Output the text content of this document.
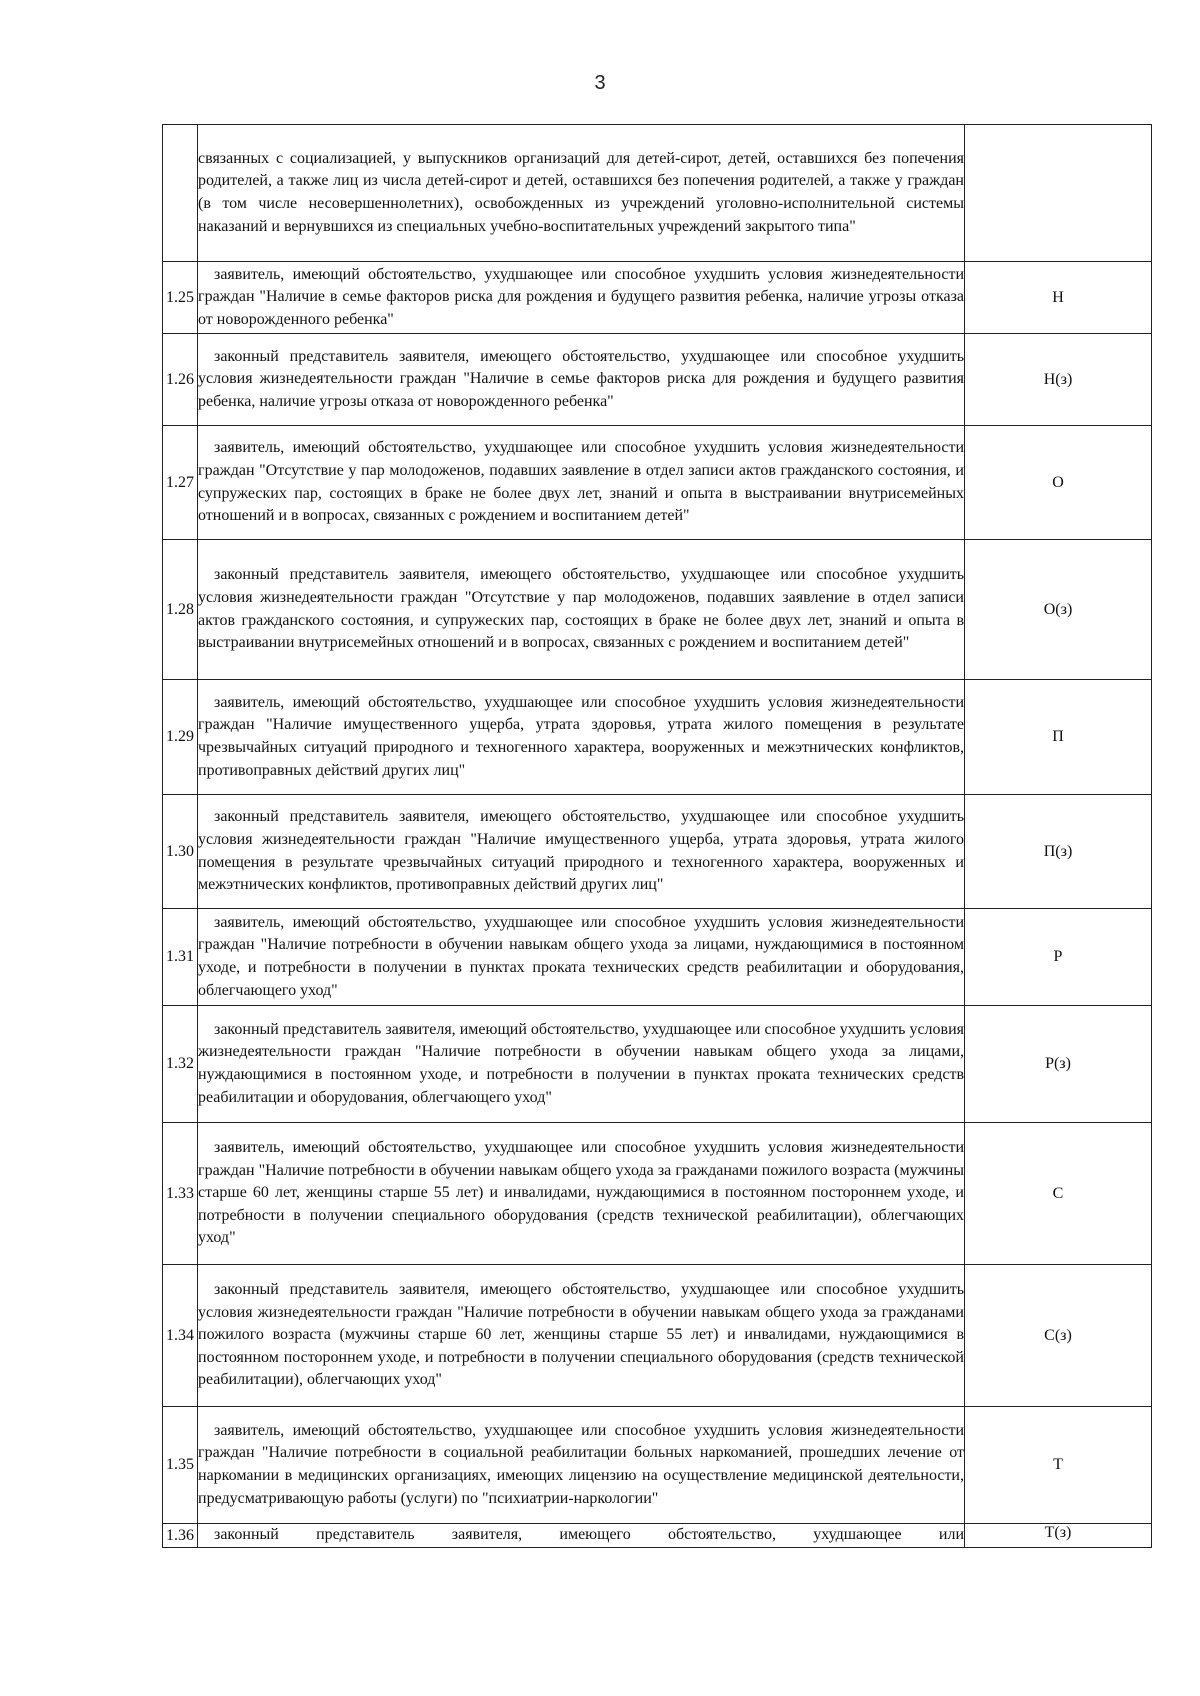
3
	связанных с социализацией, у выпускников организаций для детей-сирот, детей, оставшихся без попечения родителей, а также лиц из числа детей-сирот и детей, оставшихся без попечения родителей, а также у граждан (в том числе несовершеннолетних), освобожденных из учреждений уголовно-исполнительной системы наказаний и вернувшихся из специальных учебно-воспитательных учреждений закрытого типа"	
1.25	заявитель, имеющий обстоятельство, ухудшающее или способное ухудшить условия жизнедеятельности граждан "Наличие в семье факторов риска для рождения и будущего развития ребенка, наличие угрозы отказа от новорожденного ребенка"	Н
1.26	законный представитель заявителя, имеющего обстоятельство, ухудшающее или способное ухудшить условия жизнедеятельности граждан "Наличие в семье факторов риска для рождения и будущего развития ребенка, наличие угрозы отказа от новорожденного ребенка"	Н(з)
1.27	заявитель, имеющий обстоятельство, ухудшающее или способное ухудшить условия жизнедеятельности граждан "Отсутствие у пар молодоженов, подавших заявление в отдел записи актов гражданского состояния, и супружеских пар, состоящих в браке не более двух лет, знаний и опыта в выстраивании внутрисемейных отношений и в вопросах, связанных с рождением и воспитанием детей"	О
1.28	законный представитель заявителя, имеющего обстоятельство, ухудшающее или способное ухудшить условия жизнедеятельности граждан "Отсутствие у пар молодоженов, подавших заявление в отдел записи актов гражданского состояния, и супружеских пар, состоящих в браке не более двух лет, знаний и опыта в выстраивании внутрисемейных отношений и в вопросах, связанных с рождением и воспитанием детей"	О(з)
1.29	заявитель, имеющий обстоятельство, ухудшающее или способное ухудшить условия жизнедеятельности граждан "Наличие имущественного ущерба, утрата здоровья, утрата жилого помещения в результате чрезвычайных ситуаций природного и техногенного характера, вооруженных и межэтнических конфликтов, противоправных действий других лиц"	П
1.30	законный представитель заявителя, имеющего обстоятельство, ухудшающее или способное ухудшить условия жизнедеятельности граждан "Наличие имущественного ущерба, утрата здоровья, утрата жилого помещения в результате чрезвычайных ситуаций природного и техногенного характера, вооруженных и межэтнических конфликтов, противоправных действий других лиц"	П(з)
1.31	заявитель, имеющий обстоятельство, ухудшающее или способное ухудшить условия жизнедеятельности граждан "Наличие потребности в обучении навыкам общего ухода за лицами, нуждающимися в постоянном уходе, и потребности в получении в пунктах проката технических средств реабилитации и оборудования, облегчающего уход"	Р
1.32	законный представитель заявителя, имеющий обстоятельство, ухудшающее или способное ухудшить условия жизнедеятельности граждан "Наличие потребности в обучении навыкам общего ухода за лицами, нуждающимися в постоянном уходе, и потребности в получении в пунктах проката технических средств реабилитации и оборудования, облегчающего уход"	Р(з)
1.33	заявитель, имеющий обстоятельство, ухудшающее или способное ухудшить условия жизнедеятельности граждан "Наличие потребности в обучении навыкам общего ухода за гражданами пожилого возраста (мужчины старше 60 лет, женщины старше 55 лет) и инвалидами, нуждающимися в постоянном постороннем уходе, и потребности в получении специального оборудования (средств технической реабилитации), облегчающих уход"	С
1.34	законный представитель заявителя, имеющего обстоятельство, ухудшающее или способное ухудшить условия жизнедеятельности граждан "Наличие потребности в обучении навыкам общего ухода за гражданами пожилого возраста (мужчины старше 60 лет, женщины старше 55 лет) и инвалидами, нуждающимися в постоянном постороннем уходе, и потребности в получении специального оборудования (средств технической реабилитации), облегчающих уход"	С(з)
1.35	заявитель, имеющий обстоятельство, ухудшающее или способное ухудшить условия жизнедеятельности граждан "Наличие потребности в социальной реабилитации больных наркоманией, прошедших лечение от наркомании в медицинских организациях, имеющих лицензию на осуществление медицинской деятельности, предусматривающую работы (услуги) по "психиатрии-наркологии"	Т
1.36	законный представитель заявителя, имеющего обстоятельство, ухудшающее или	Т(з)
